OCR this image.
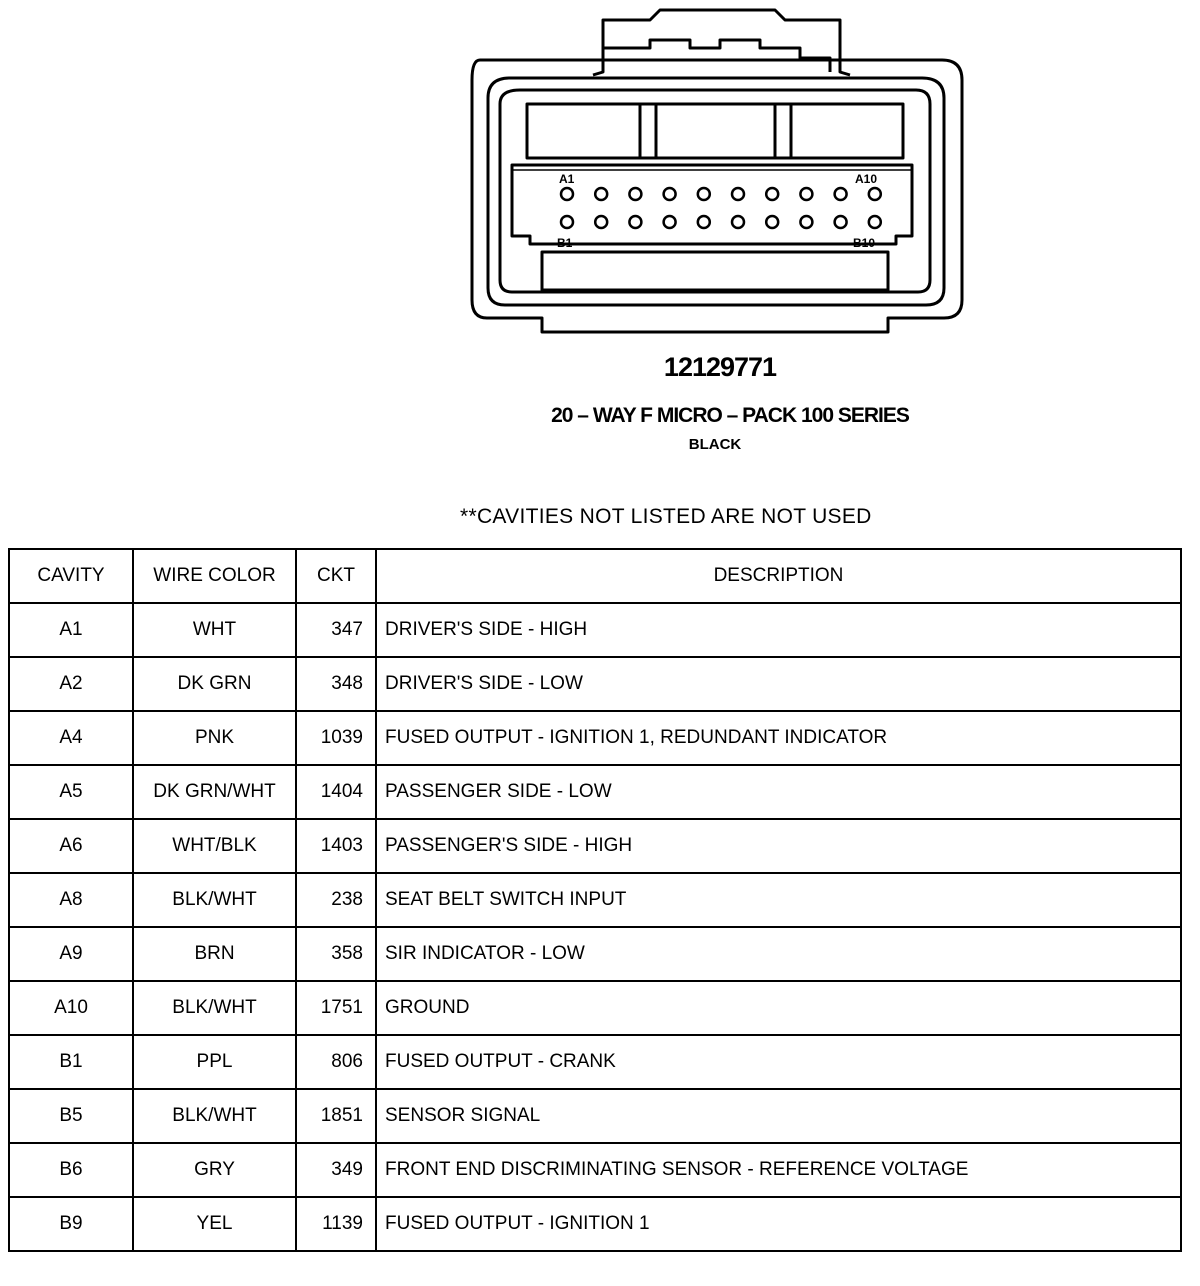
A1	A10
B1	B10
12129771
20 – WAY F MICRO – PACK 100 SERIES
BLACK
**CAVITIES NOT LISTED ARE NOT USED
CAVITY	WIRE COLOR	CKT	DESCRIPTION
A1	WHT	347	DRIVER'S SIDE - HIGH
A2	DK GRN	348	DRIVER'S SIDE - LOW
A4	PNK	1039	FUSED OUTPUT - IGNITION 1, REDUNDANT INDICATOR
A5	DK GRN/WHT	1404	PASSENGER SIDE - LOW
A6	WHT/BLK	1403	PASSENGER'S SIDE - HIGH
A8	BLK/WHT	238	SEAT BELT SWITCH INPUT
A9	BRN	358	SIR INDICATOR - LOW
A10	BLK/WHT	1751	GROUND
B1	PPL	806	FUSED OUTPUT - CRANK
B5	BLK/WHT	1851	SENSOR SIGNAL
B6	GRY	349	FRONT END DISCRIMINATING SENSOR - REFERENCE VOLTAGE
B9	YEL	1139	FUSED OUTPUT - IGNITION 1
